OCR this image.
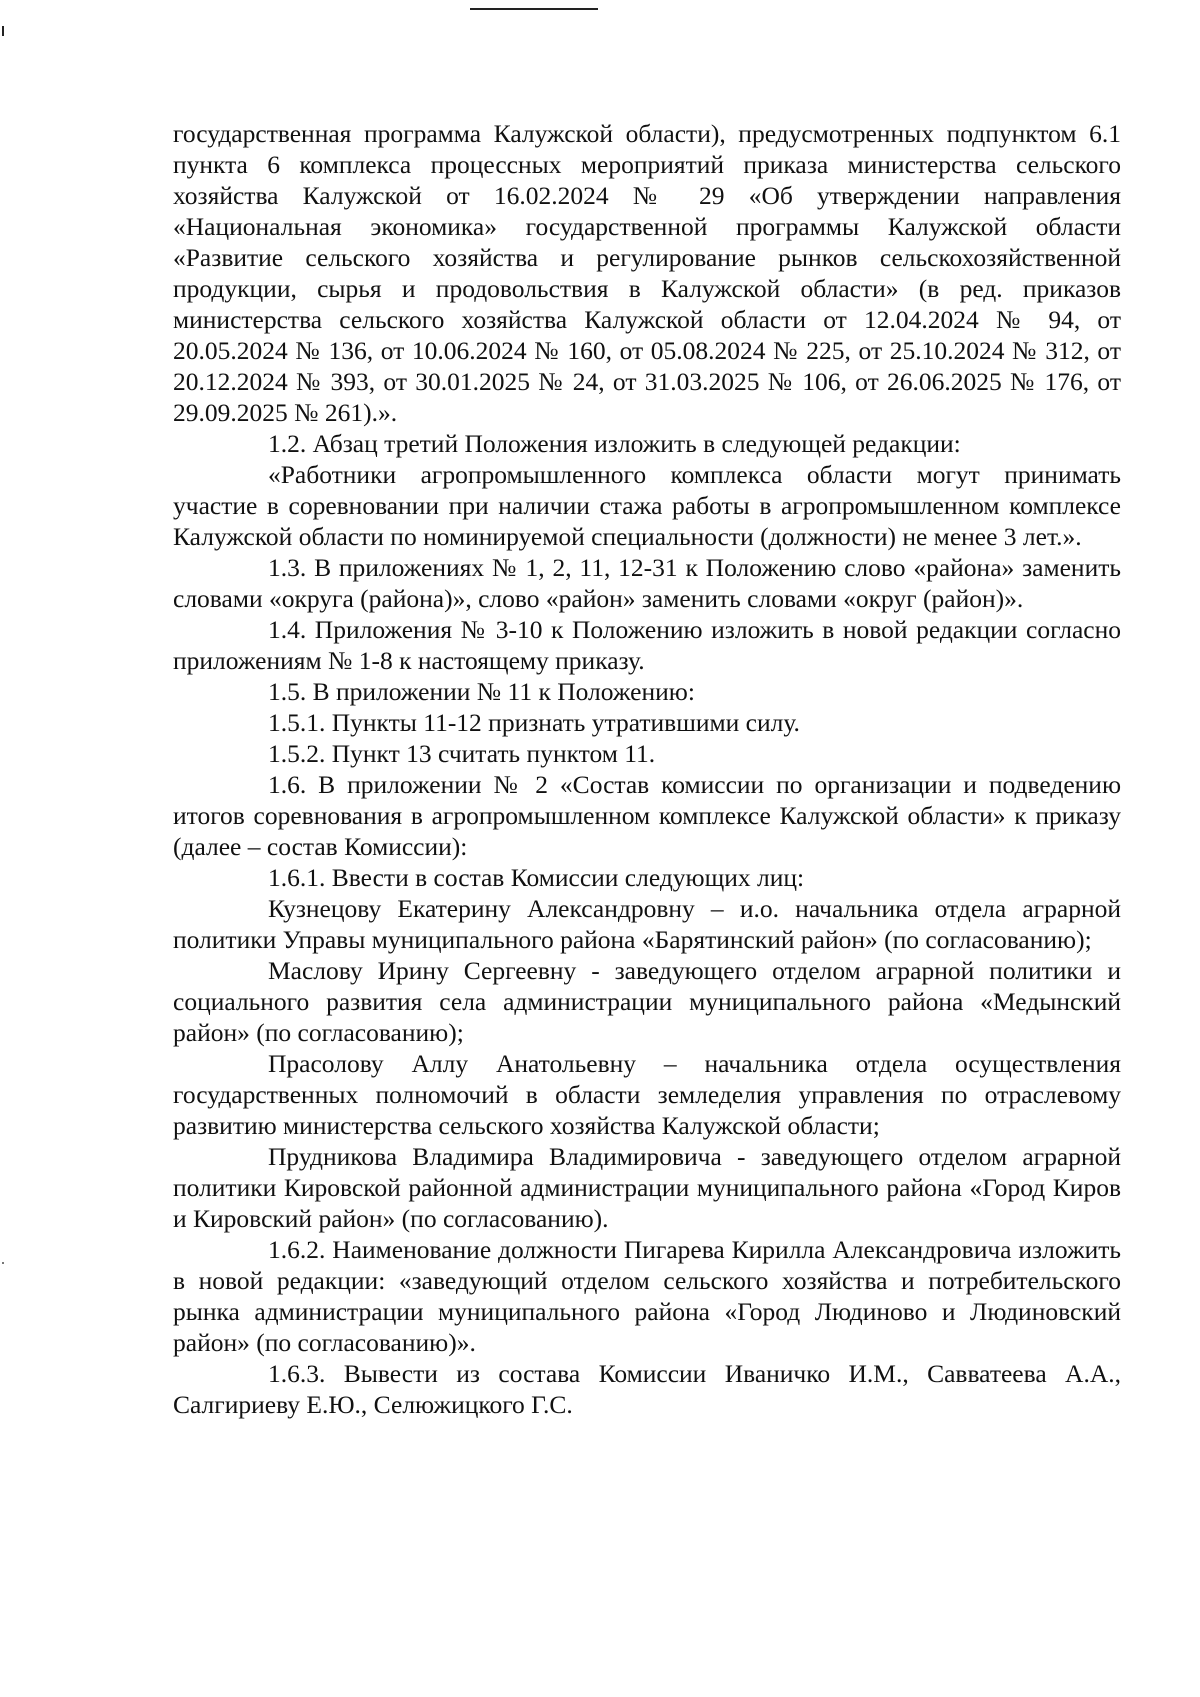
государственная программа Калужской области), предусмотренных подпунктом 6.1 пункта 6 комплекса процессных мероприятий приказа министерства сельского хозяйства Калужской от 16.02.2024 № 29 «Об утверждении направления «Национальная экономика» государственной программы Калужской области «Развитие сельского хозяйства и регулирование рынков сельскохозяйственной продукции, сырья и продовольствия в Калужской области» (в ред. приказов министерства сельского хозяйства Калужской области от 12.04.2024 № 94, от 20.05.2024 № 136, от 10.06.2024 № 160, от 05.08.2024 № 225, от 25.10.2024 № 312, от 20.12.2024 № 393, от 30.01.2025 № 24, от 31.03.2025 № 106, от 26.06.2025 № 176, от 29.09.2025 № 261).».

1.2. Абзац третий Положения изложить в следующей редакции:

«Работники агропромышленного комплекса области могут принимать участие в соревновании при наличии стажа работы в агропромышленном комплексе Калужской области по номинируемой специальности (должности) не менее 3 лет.».

1.3. В приложениях № 1, 2, 11, 12-31 к Положению слово «района» заменить словами «округа (района)», слово «район» заменить словами «округ (район)».

1.4. Приложения № 3-10 к Положению изложить в новой редакции согласно приложениям № 1-8 к настоящему приказу.

1.5. В приложении № 11 к Положению:

1.5.1. Пункты 11-12 признать утратившими силу.

1.5.2. Пункт 13 считать пунктом 11.

1.6. В приложении № 2 «Состав комиссии по организации и подведению итогов соревнования в агропромышленном комплексе Калужской области» к приказу (далее – состав Комиссии):

1.6.1. Ввести в состав Комиссии следующих лиц:

Кузнецову Екатерину Александровну – и.о. начальника отдела аграрной политики Управы муниципального района «Барятинский район» (по согласованию);

Маслову Ирину Сергеевну - заведующего отделом аграрной политики и социального развития села администрации муниципального района «Медынский район» (по согласованию);

Прасолову Аллу Анатольевну – начальника отдела осуществления государственных полномочий в области земледелия управления по отраслевому развитию министерства сельского хозяйства Калужской области;

Прудникова Владимира Владимировича - заведующего отделом аграрной политики Кировской районной администрации муниципального района «Город Киров и Кировский район» (по согласованию).

1.6.2. Наименование должности Пигарева Кирилла Александровича изложить в новой редакции: «заведующий отделом сельского хозяйства и потребительского рынка администрации муниципального района «Город Людиново и Людиновский район» (по согласованию)».

1.6.3. Вывести из состава Комиссии Иваничко И.М., Савватеева А.А., Салгириеву Е.Ю., Селюжицкого Г.С.
